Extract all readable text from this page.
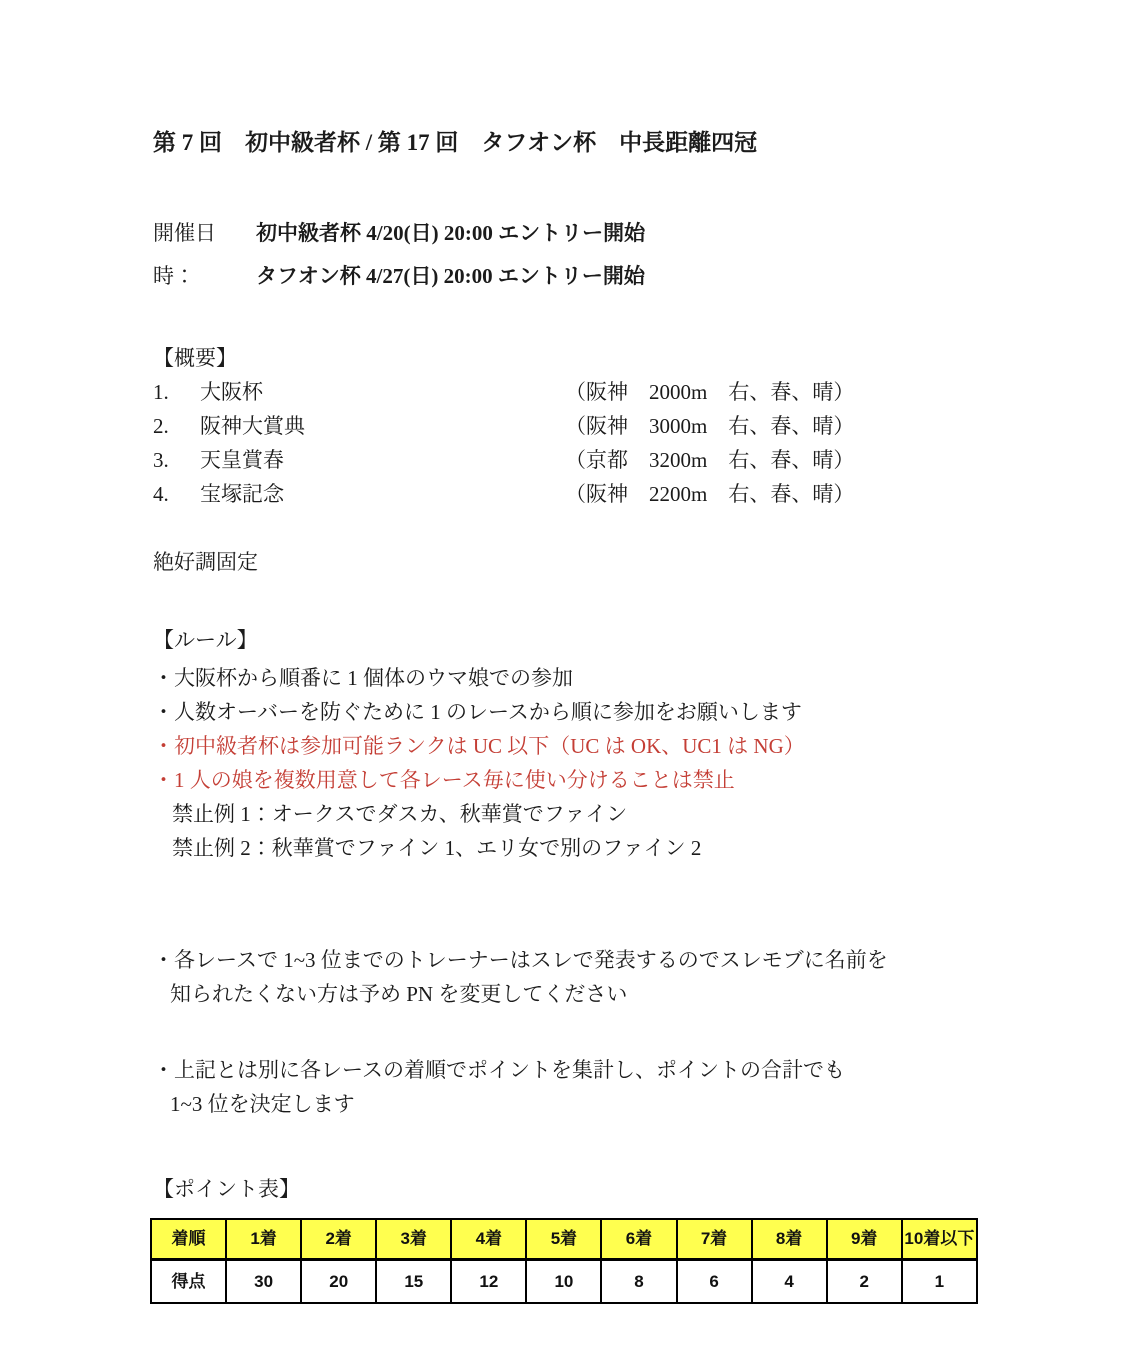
第 7 回　初中級者杯 / 第 17 回　タフオン杯　中長距離四冠
開催日時：
初中級者杯 4/20(日) 20:00 エントリー開始
タフオン杯 4/27(日) 20:00 エントリー開始
【概要】
1.	大阪杯	（阪神　2000m　右、春、晴）
2.	阪神大賞典	（阪神　3000m　右、春、晴）
3.	天皇賞春	（京都　3200m　右、春、晴）
4.	宝塚記念	（阪神　2200m　右、春、晴）
絶好調固定
【ルール】
・大阪杯から順番に 1 個体のウマ娘での参加
・人数オーバーを防ぐために 1 のレースから順に参加をお願いします
・初中級者杯は参加可能ランクは UC 以下（UC は OK、UC1 は NG）
・1 人の娘を複数用意して各レース毎に使い分けることは禁止
禁止例 1：オークスでダスカ、秋華賞でファイン
禁止例 2：秋華賞でファイン 1、エリ女で別のファイン 2
・各レースで 1~3 位までのトレーナーはスレで発表するのでスレモブに名前を
知られたくない方は予め PN を変更してください
・上記とは別に各レースの着順でポイントを集計し、ポイントの合計でも
1~3 位を決定します
【ポイント表】
着順	1着	2着	3着	4着	5着	6着	7着	8着	9着	10着以下
得点	30	20	15	12	10	8	6	4	2	1
